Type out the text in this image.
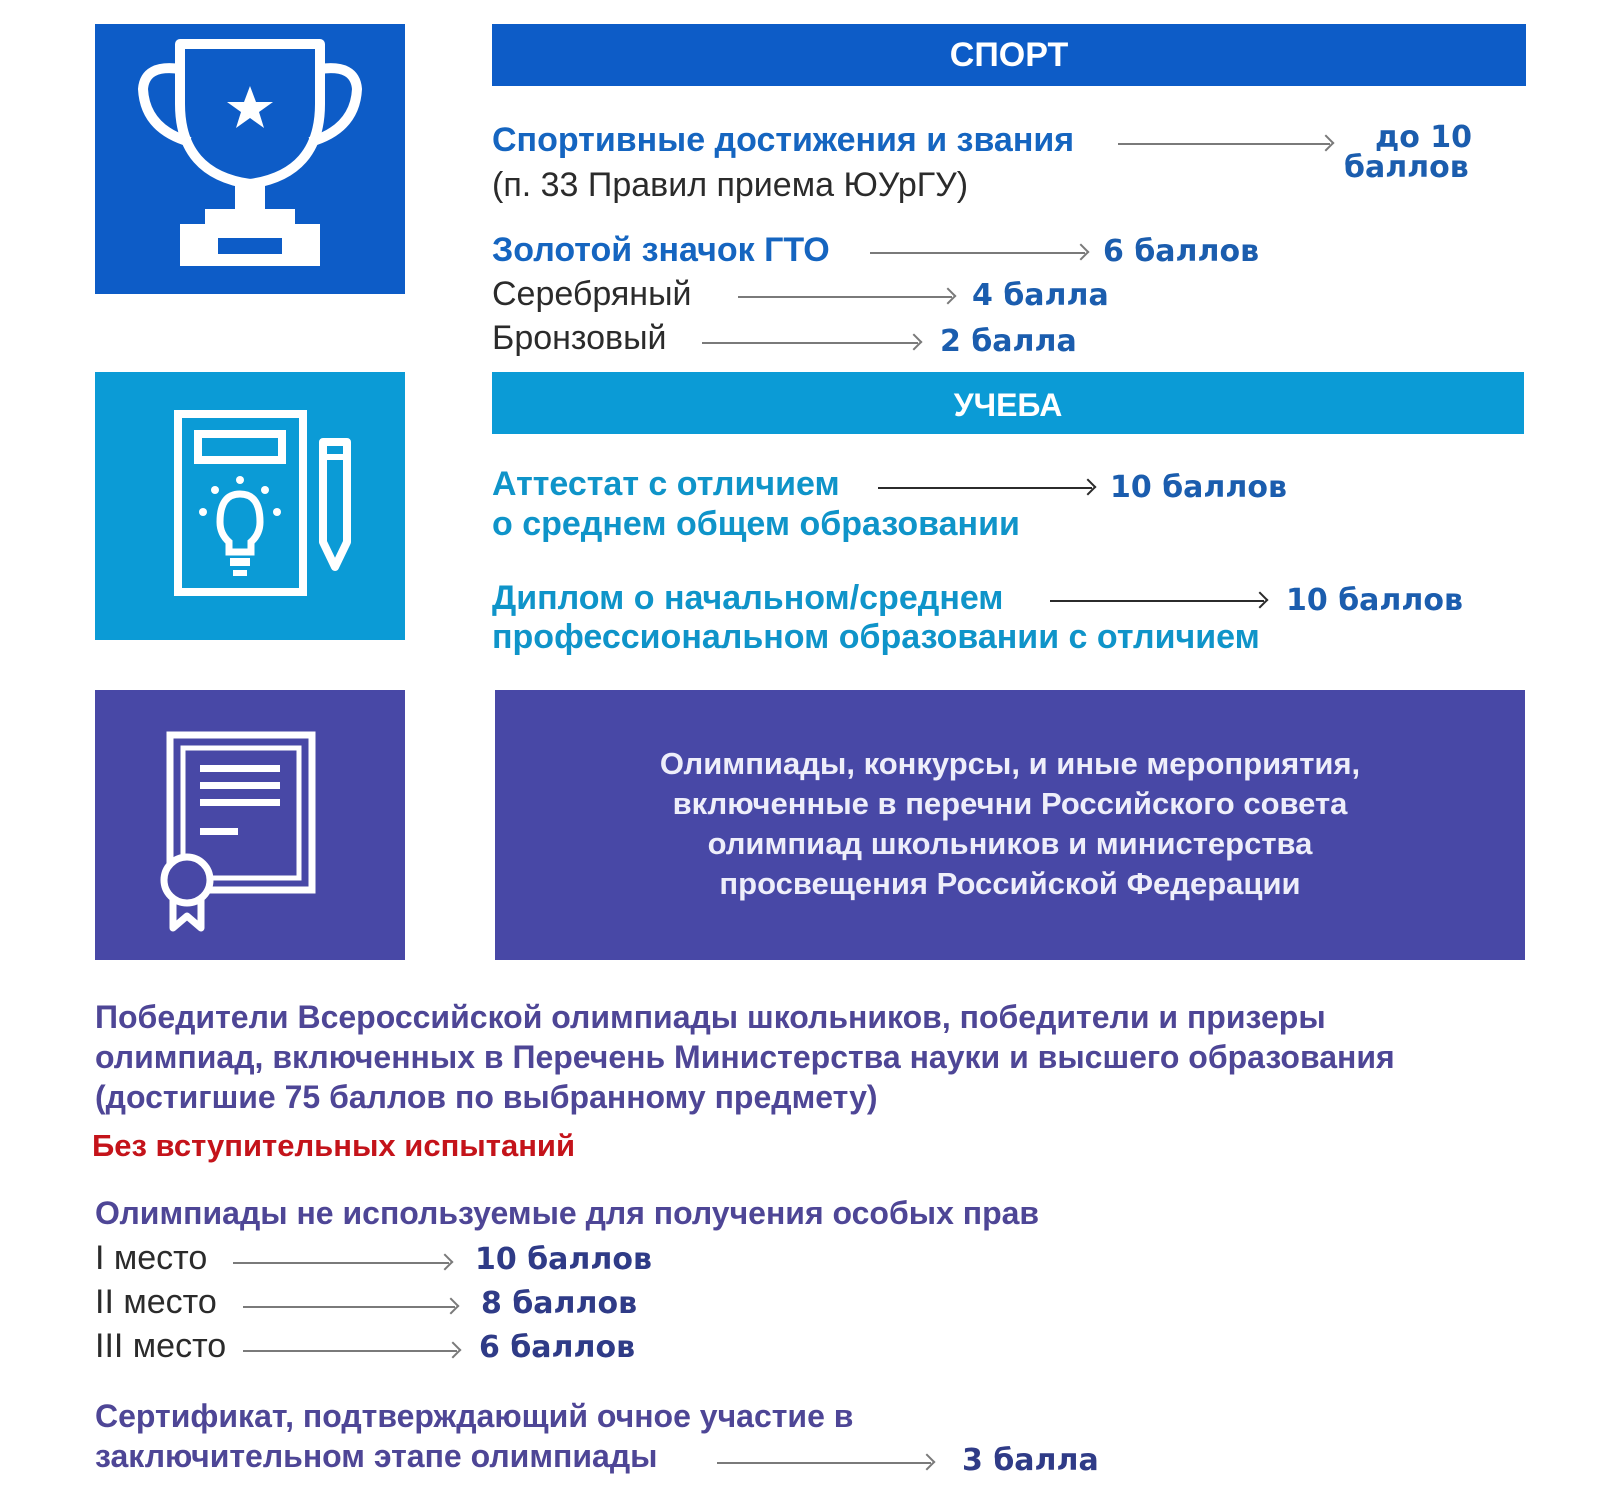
СПОРТ
Спортивные достижения и звания
(п. 33 Правил приема ЮУрГУ)
до 10
баллов
Золотой значок ГТО	6 баллов
Серебряный	4 балла
Бронзовый	2 балла
УЧЕБА
Аттестат с отличием
о среднем общем образовании
10 баллов
Диплом о начальном/среднем
профессиональном образовании с отличием
10 баллов
Олимпиады, конкурсы, и иные мероприятия,
включенные в перечни Российского совета
олимпиад школьников и министерства
просвещения Российской Федерации
Победители Всероссийской олимпиады школьников, победители и призеры
олимпиад, включенных в Перечень Министерства науки и высшего образования
(достигшие 75 баллов по выбранному предмету)
Без вступительных испытаний
Олимпиады не используемые для получения особых прав
I место	10 баллов
II место	8 баллов
III место	6 баллов
Сертификат, подтверждающий очное участие в
заключительном этапе олимпиады	3 балла
